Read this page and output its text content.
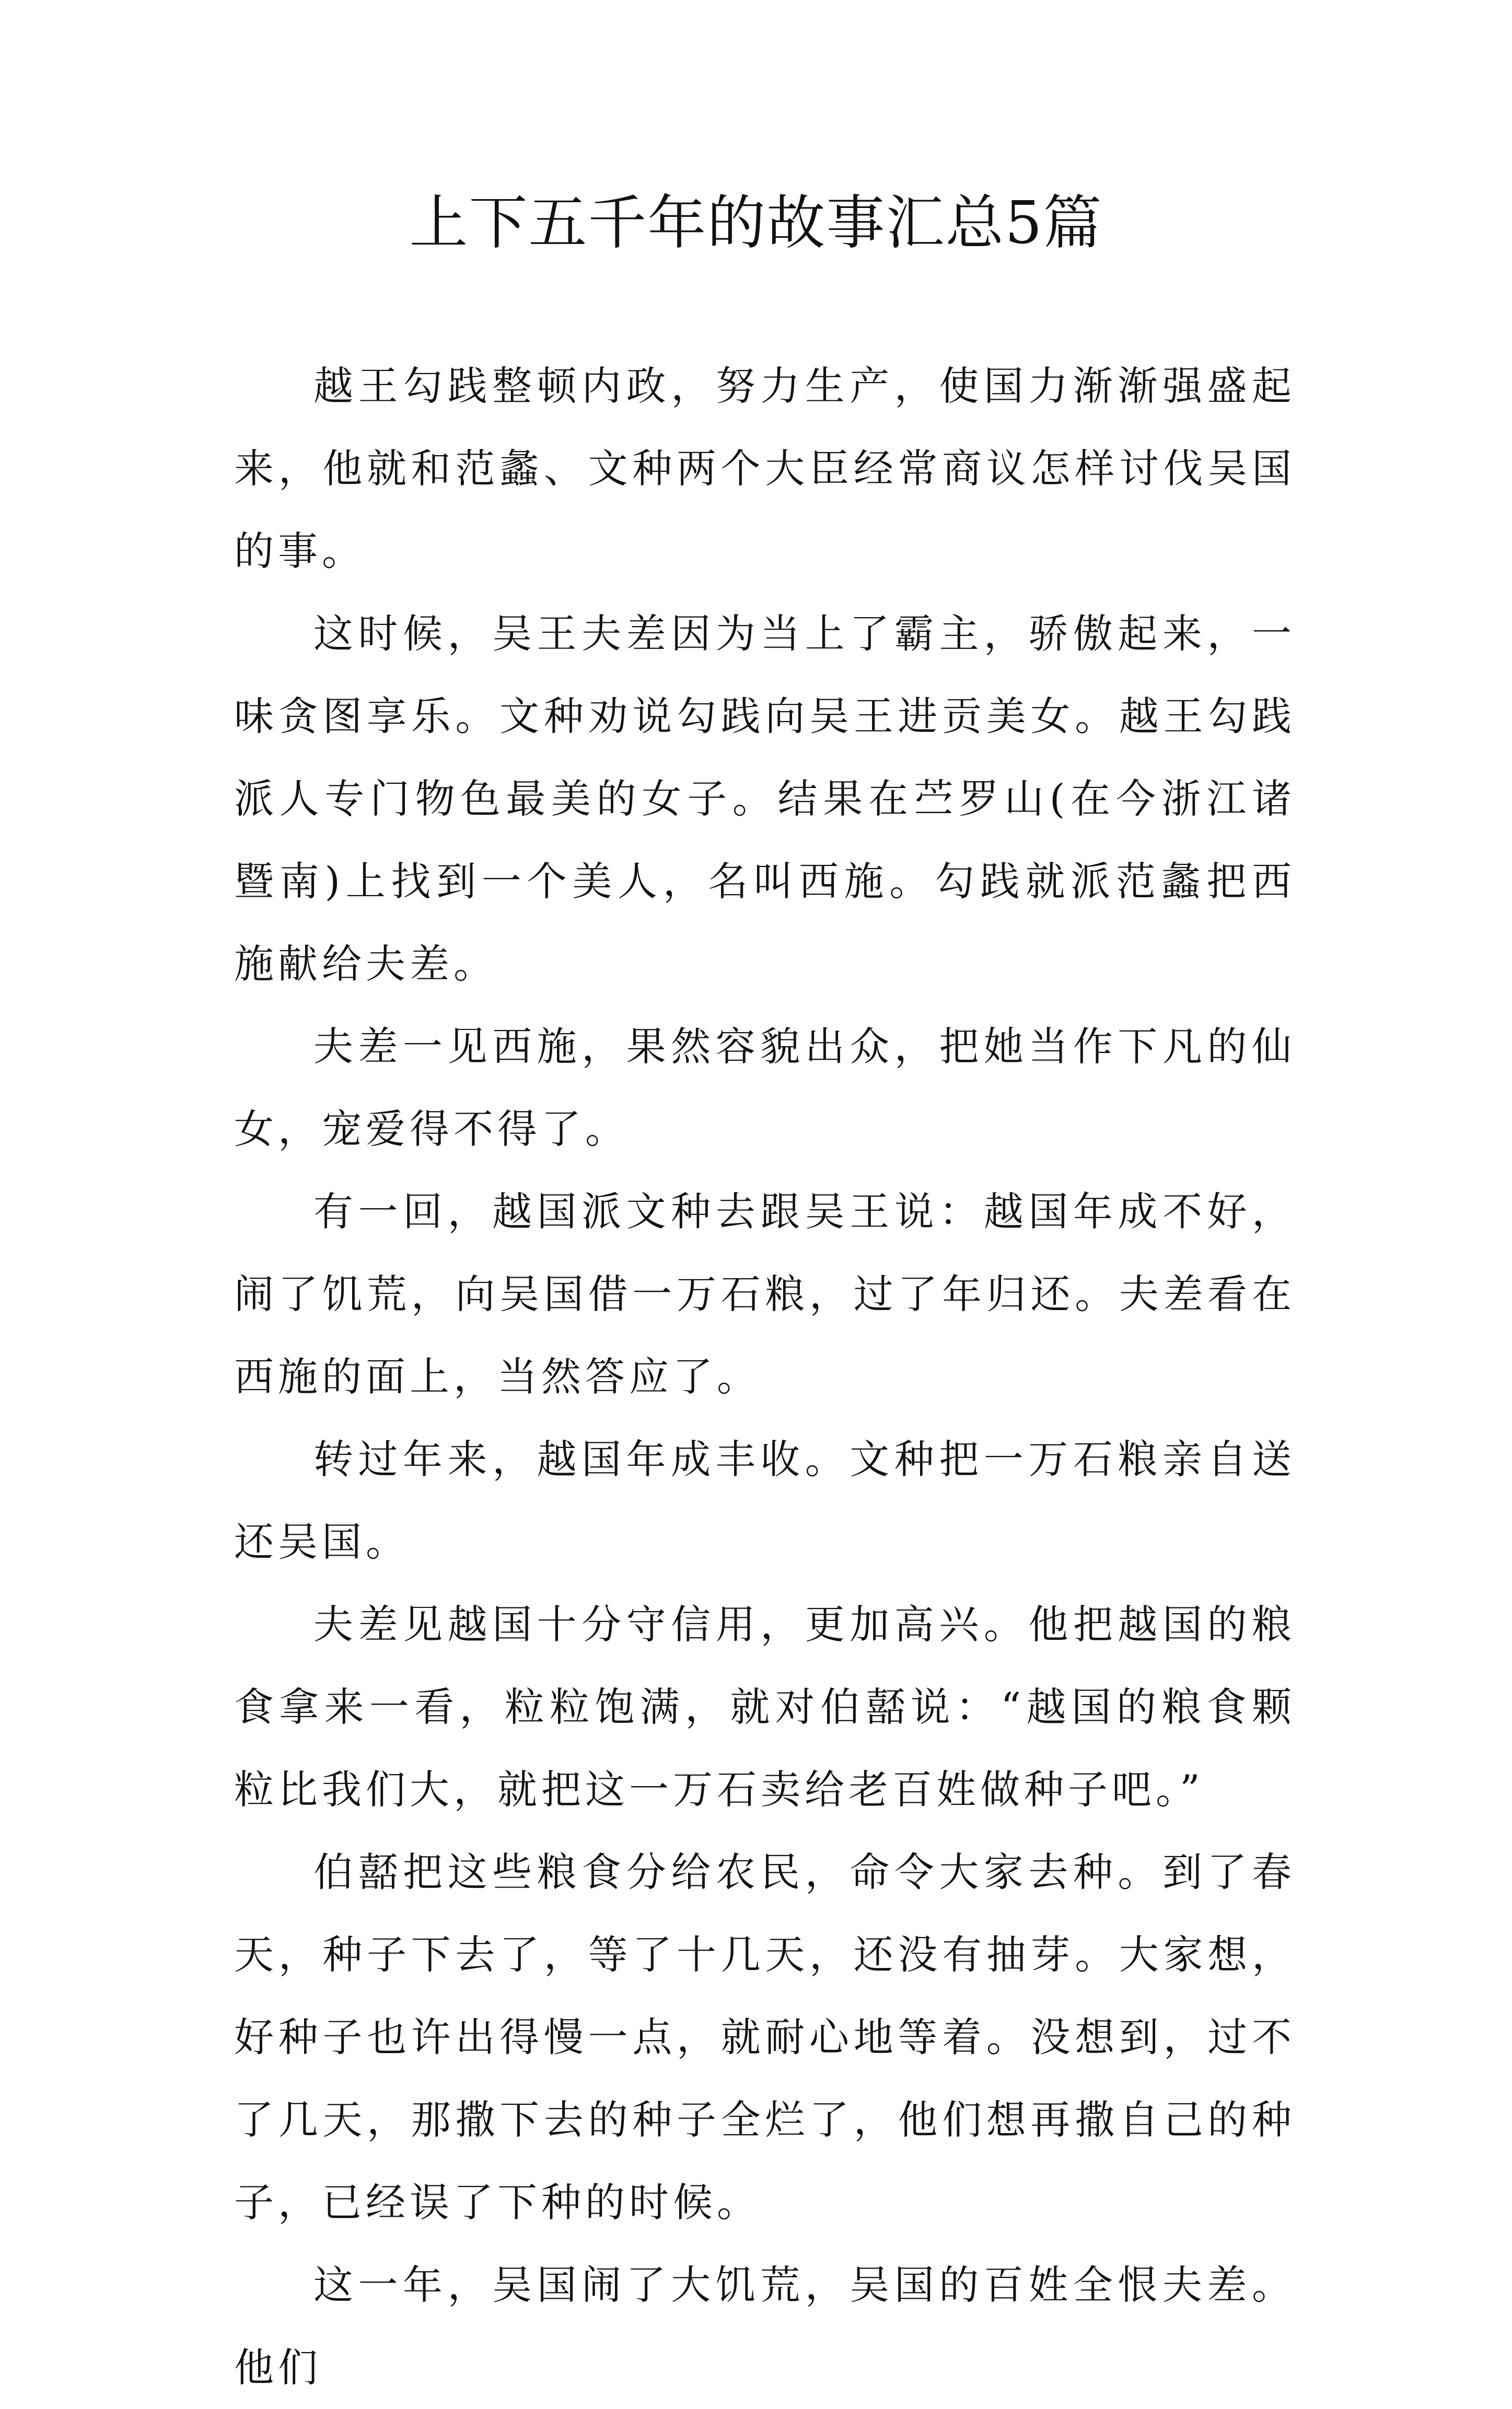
上下五千年的故事汇总5篇

越王勾践整顿内政，努力生产，使国力渐渐强盛起来，他就和范蠡、文种两个大臣经常商议怎样讨伐吴国的事。

这时候，吴王夫差因为当上了霸主，骄傲起来，一味贪图享乐。文种劝说勾践向吴王进贡美女。越王勾践派人专门物色最美的女子。结果在苎罗山(在今浙江诸暨南)上找到一个美人，名叫西施。勾践就派范蠡把西施献给夫差。

夫差一见西施，果然容貌出众，把她当作下凡的仙女，宠爱得不得了。

有一回，越国派文种去跟吴王说：越国年成不好，闹了饥荒，向吴国借一万石粮，过了年归还。夫差看在西施的面上，当然答应了。

转过年来，越国年成丰收。文种把一万石粮亲自送还吴国。

夫差见越国十分守信用，更加高兴。他把越国的粮食拿来一看，粒粒饱满，就对伯嚭说：“越国的粮食颗粒比我们大，就把这一万石卖给老百姓做种子吧。”

伯嚭把这些粮食分给农民，命令大家去种。到了春天，种子下去了，等了十几天，还没有抽芽。大家想，好种子也许出得慢一点，就耐心地等着。没想到，过不了几天，那撒下去的种子全烂了，他们想再撒自己的种子，已经误了下种的时候。

这一年，吴国闹了大饥荒，吴国的百姓全恨夫差。他们
